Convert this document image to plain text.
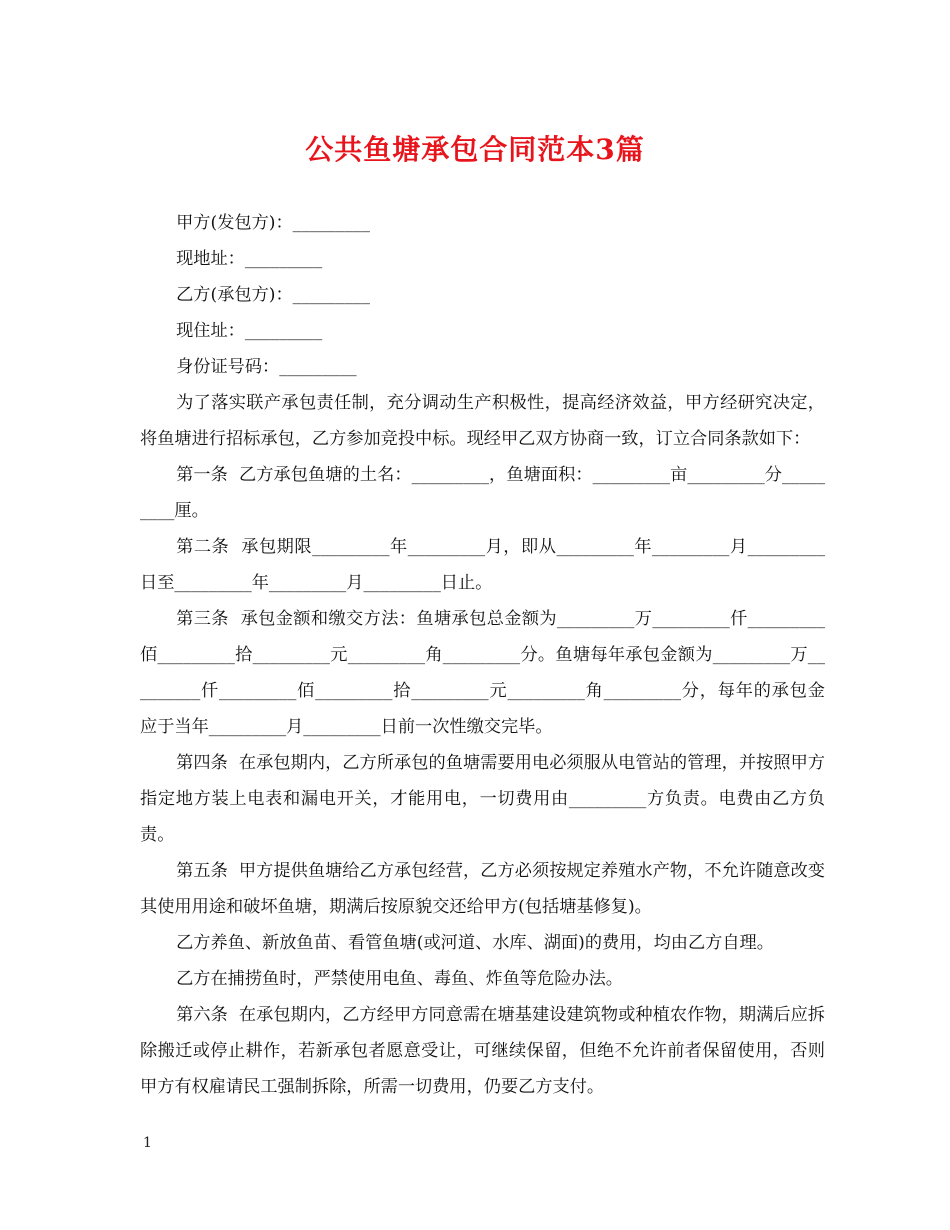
公共鱼塘承包合同范本3篇

甲方(发包方)：_________

现地址：_________

乙方(承包方)：_________

现住址：_________

身份证号码：_________

为了落实联产承包责任制，充分调动生产积极性，提高经济效益，甲方经研究决定，将鱼塘进行招标承包，乙方参加竞投中标。现经甲乙双方协商一致，订立合同条款如下：

第一条  乙方承包鱼塘的土名：_________，鱼塘面积：_________亩_________分_________厘。

第二条  承包期限_________年_________月，即从_________年_________月_________日至_________年_________月_________日止。

第三条  承包金额和缴交方法：鱼塘承包总金额为_________万_________仟_________佰_________拾_________元_________角_________分。鱼塘每年承包金额为_________万_________仟_________佰_________拾_________元_________角_________分，每年的承包金应于当年_________月_________日前一次性缴交完毕。

第四条  在承包期内，乙方所承包的鱼塘需要用电必须服从电管站的管理，并按照甲方指定地方装上电表和漏电开关，才能用电，一切费用由_________方负责。电费由乙方负责。

第五条  甲方提供鱼塘给乙方承包经营，乙方必须按规定养殖水产物，不允许随意改变其使用用途和破坏鱼塘，期满后按原貌交还给甲方(包括塘基修复)。

乙方养鱼、新放鱼苗、看管鱼塘(或河道、水库、湖面)的费用，均由乙方自理。

乙方在捕捞鱼时，严禁使用电鱼、毒鱼、炸鱼等危险办法。

第六条  在承包期内，乙方经甲方同意需在塘基建设建筑物或种植农作物，期满后应拆除搬迁或停止耕作，若新承包者愿意受让，可继续保留，但绝不允许前者保留使用，否则甲方有权雇请民工强制拆除，所需一切费用，仍要乙方支付。

1
